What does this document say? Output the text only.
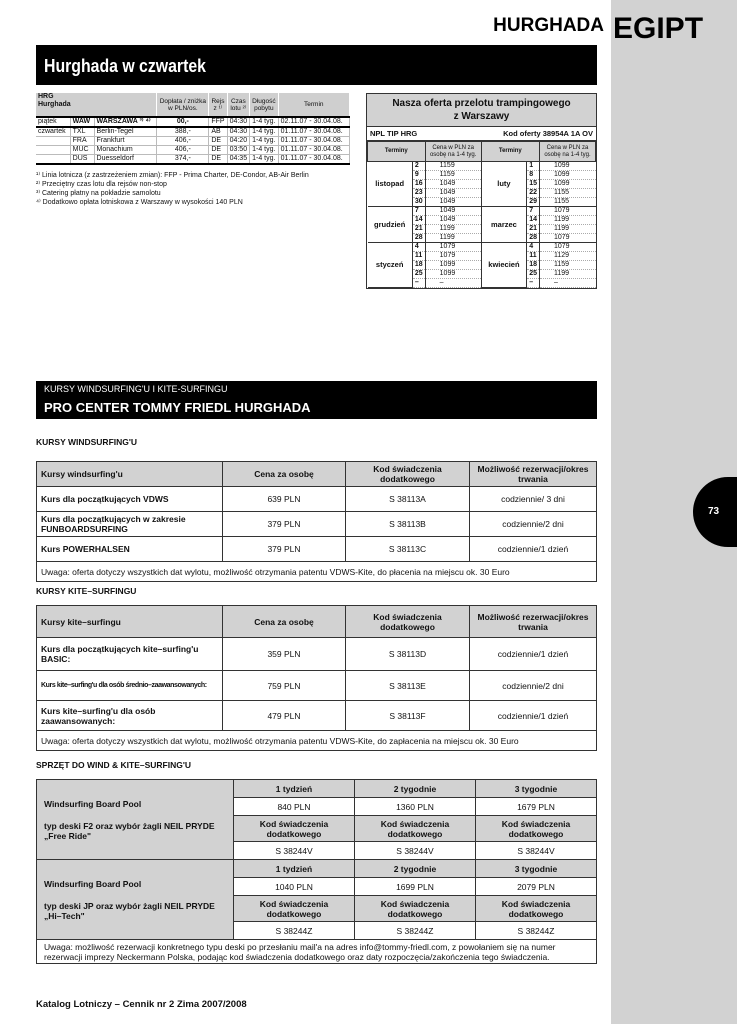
EGIPT
HURGHADA
73
Hurghada w czwartek
HRG
Hurghada			Dopłata / zniżka w PLN/os.	Rejs z ¹⁾	Czas lotu ²⁾	Długość pobytu	Termin
piątek	WAW	WARSZAWA ³⁾ ⁴⁾	00,-	FFP	04:30	1-4 tyg.	02.11.07 - 30.04.08.
czwartek	TXL	Berlin-Tegel	388,-	AB	04:30	1-4 tyg.	01.11.07 - 30.04.08.
	FRA	Frankfurt	406,-	DE	04:20	1-4 tyg.	01.11.07 - 30.04.08.
	MUC	Monachium	406,-	DE	03:50	1-4 tyg.	01.11.07 - 30.04.08.
	DUS	Duesseldorf	374,-	DE	04:35	1-4 tyg.	01.11.07 - 30.04.08.
¹⁾ Linia lotnicza (z zastrzeżeniem zmian): FFP - Prima Charter, DE-Condor, AB-Air Berlin
²⁾ Przeciętny czas lotu dla rejsów non-stop
³⁾ Catering płatny na pokładzie samolotu
⁴⁾ Dodatkowo opłata lotniskowa z Warszawy w wysokości 140 PLN
Nasza oferta przelotu trampingowego
z Warszawy
NPL TIP HRG	Kod oferty 38954A 1A OV
Terminy		Cena w PLN za osobę na 1-4 tyg.	Terminy		Cena w PLN za osobę na 1-4 tyg.
listopad	2	1159	luty	1	1099
	9	1159		8	1099
	16	1049		15	1099
	23	1049		22	1155
	30	1049		29	1155
grudzień	7	1049	marzec	7	1079
	14	1049		14	1199
	21	1199		21	1199
	28	1199		28	1079
styczeń	4	1079	kwiecień	4	1079
	11	1079		11	1129
	18	1099		18	1159
	25	1099		25	1199
	–	–		–	–
KURSY WINDSURFING'U I KITE-SURFINGU
PRO CENTER TOMMY FRIEDL HURGHADA
KURSY WINDSURFING'U
Kursy windsurfing'u	Cena za osobę	Kod świadczenia dodatkowego	Możliwość rezerwacji/okres trwania
Kurs dla początkujących VDWS	639 PLN	S 38113A	codziennie/ 3 dni
Kurs dla początkujących w zakresie FUNBOARDSURFING	379 PLN	S 38113B	codziennie/2 dni
Kurs POWERHALSEN	379 PLN	S 38113C	codziennie/1 dzień
Uwaga: oferta dotyczy wszystkich dat wylotu, możliwość otrzymania patentu VDWS-Kite, do płacenia na miejscu ok. 30 Euro			
KURSY KITE–SURFINGU
Kursy kite–surfingu	Cena za osobę	Kod świadczenia dodatkowego	Możliwość rezerwacji/okres trwania
Kurs dla początkujących kite–surfing'u BASIC:	359 PLN	S 38113D	codziennie/1 dzień
Kurs kite–surfing'u dla osób średnio–zaawansowanych:	759 PLN	S 38113E	codziennie/2 dni
Kurs kite–surfing'u dla osób zaawansowanych:	479 PLN	S 38113F	codziennie/1 dzień
Uwaga: oferta dotyczy wszystkich dat wylotu, możliwość otrzymania patentu VDWS-Kite, do zapłacenia na miejscu ok. 30 Euro			
SPRZĘT DO WIND & KITE–SURFING'U
Windsurfing Board Pool
typ deski F2 oraz wybór żagli NEIL PRYDE „Free Ride"	1 tydzień	2 tygodnie	3 tygodnie
	840 PLN	1360 PLN	1679 PLN
	Kod świadczenia dodatkowego	Kod świadczenia dodatkowego	Kod świadczenia dodatkowego
	S 38244V	S 38244V	S 38244V

Windsurfing Board Pool
typ deski JP oraz wybór żagli NEIL PRYDE „Hi–Tech"	1 tydzień	2 tygodnie	3 tygodnie
	1040 PLN	1699 PLN	2079 PLN
	Kod świadczenia dodatkowego	Kod świadczenia dodatkowego	Kod świadczenia dodatkowego
	S 38244Z	S 38244Z	S 38244Z
Uwaga: możliwość rezerwacji konkretnego typu deski po przesłaniu mail'a na adres info@tommy-friedl.com, z powołaniem się na numer rezerwacji imprezy Neckermann Polska, podając kod świadczenia dodatkowego oraz daty rozpoczęcia/zakończenia tego świadczenia.			
Katalog Lotniczy – Cennik nr 2 Zima 2007/2008
